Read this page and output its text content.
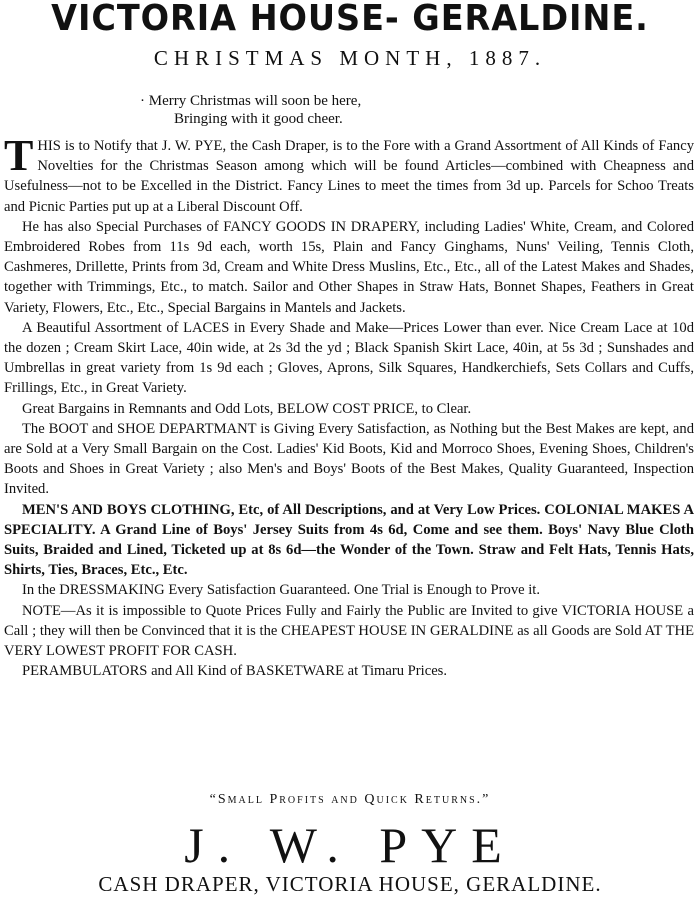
VICTORIA HOUSE- GERALDINE.
CHRISTMAS MONTH, 1887.
· Merry Christmas will soon be here,
Bringing with it good cheer.

THIS is to Notify that J. W. PYE, the Cash Draper, is to the Fore with a Grand Assortment of All Kinds of Fancy Novelties for the Christmas Season among which will be found Articles—combined with Cheapness and Usefulness—not to be Excelled in the District. Fancy Lines to meet the times from 3d up. Parcels for Schoo Treats and Picnic Parties put up at a Liberal Discount Off.

He has also Special Purchases of FANCY GOODS IN DRAPERY, including Ladies' White, Cream, and Colored Embroidered Robes from 11s 9d each, worth 15s, Plain and Fancy Ginghams, Nuns' Veiling, Tennis Cloth, Cashmeres, Drillette, Prints from 3d, Cream and White Dress Muslins, Etc., Etc., all of the Latest Makes and Shades, together with Trimmings, Etc., to match. Sailor and Other Shapes in Straw Hats, Bonnet Shapes, Feathers in Great Variety, Flowers, Etc., Etc., Special Bargains in Mantels and Jackets.

A Beautiful Assortment of LACES in Every Shade and Make—Prices Lower than ever. Nice Cream Lace at 10d the dozen ; Cream Skirt Lace, 40in wide, at 2s 3d the yd ; Black Spanish Skirt Lace, 40in, at 5s 3d ; Sunshades and Umbrellas in great variety from 1s 9d each ; Gloves, Aprons, Silk Squares, Handkerchiefs, Sets Collars and Cuffs, Frillings, Etc., in Great Variety.

Great Bargains in Remnants and Odd Lots, BELOW COST PRICE, to Clear.

The BOOT and SHOE DEPARTMANT is Giving Every Satisfaction, as Nothing but the Best Makes are kept, and are Sold at a Very Small Bargain on the Cost. Ladies' Kid Boots, Kid and Morroco Shoes, Evening Shoes, Children's Boots and Shoes in Great Variety ; also Men's and Boys' Boots of the Best Makes, Quality Guaranteed, Inspection Invited.

MEN'S AND BOYS CLOTHING, Etc, of All Descriptions, and at Very Low Prices. COLONIAL MAKES A SPECIALITY. A Grand Line of Boys' Jersey Suits from 4s 6d, Come and see them. Boys' Navy Blue Cloth Suits, Braided and Lined, Ticketed up at 8s 6d—the Wonder of the Town. Straw and Felt Hats, Tennis Hats, Shirts, Ties, Braces, Etc., Etc.

In the DRESSMAKING Every Satisfaction Guaranteed. One Trial is Enough to Prove it.

NOTE—As it is impossible to Quote Prices Fully and Fairly the Public are Invited to give VICTORIA HOUSE a Call ; they will then be Convinced that it is the CHEAPEST HOUSE IN GERALDINE as all Goods are Sold AT THE VERY LOWEST PROFIT FOR CASH.

PERAMBULATORS and All Kind of BASKETWARE at Timaru Prices.

“Small Profits and Quick Returns.”
J. W. PYE
CASH DRAPER, VICTORIA HOUSE, GERALDINE.
